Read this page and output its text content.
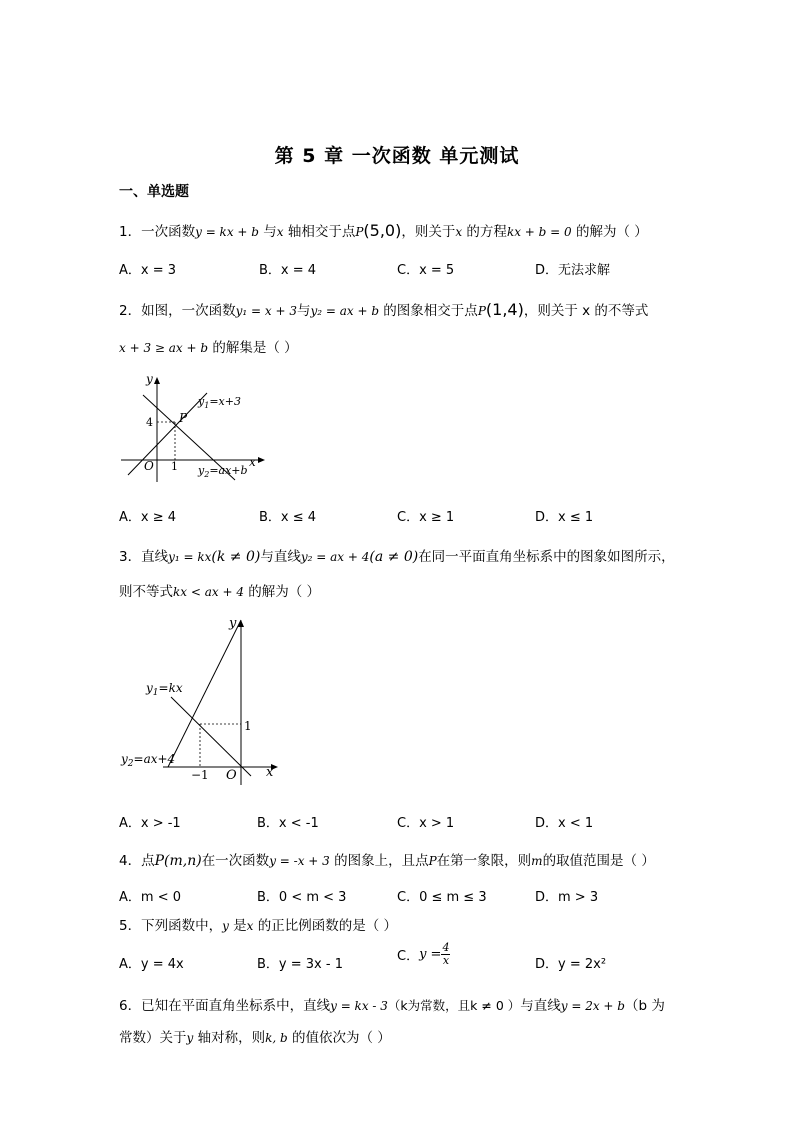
第 5 章 一次函数 单元测试
一、单选题
1．一次函数y = kx + b 与x 轴相交于点P(5,0)，则关于x 的方程kx + b = 0 的解为（ ）
A．x = 3	B．x = 4	C．x = 5	D．无法求解
2．如图，一次函数y₁ = x + 3与y₂ = ax + b 的图象相交于点P(1,4)，则关于 x 的不等式
x + 3 ≥ ax + b 的解集是（ ）
y
x
O
4
1
P
$y_1=x+3$
$y_2=ax+b$
A．x ≥ 4	B．x ≤ 4	C．x ≥ 1	D．x ≤ 1
3．直线y₁ = kx(k ≠ 0)与直线y₂ = ax + 4(a ≠ 0)在同一平面直角坐标系中的图象如图所示，
则不等式kx < ax + 4 的解为（ ）
y
x
O
−1
1
$y_1=kx$
$y_2=ax+4$
A．x > -1	B．x < -1	C．x > 1	D．x < 1
4．点P(m,n)在一次函数y = -x + 3 的图象上，且点P在第一象限，则m的取值范围是（ ）
A．m < 0	B．0 < m < 3	C．0 ≤ m ≤ 3	D．m > 3
5．下列函数中，y 是x 的正比例函数的是（ ）
A．y = 4x	B．y = 3x - 1
C．$y = \frac{4}{x}$	D．y = 2x²
6．已知在平面直角坐标系中，直线y = kx - 3（k为常数，且k ≠ 0 ）与直线y = 2x + b（b 为
常数）关于y 轴对称，则k, b 的值依次为（ ）
